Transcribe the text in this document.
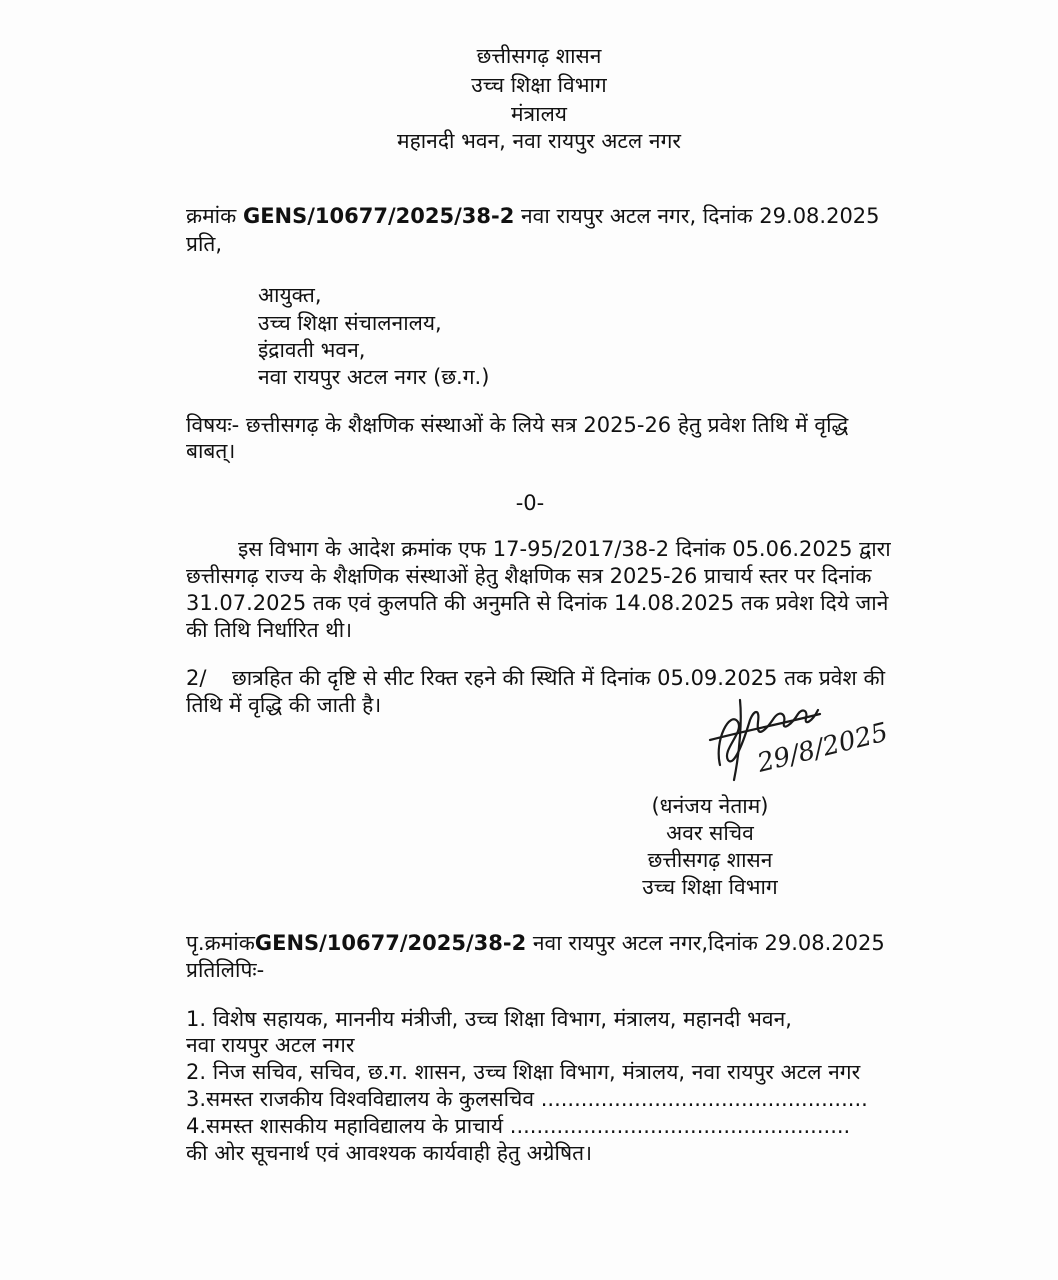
छत्तीसगढ़ शासन
उच्च शिक्षा विभाग
मंत्रालय
महानदी भवन, नवा रायपुर अटल नगर
क्रमांक GENS/10677/2025/38-2 नवा रायपुर अटल नगर, दिनांक 29.08.2025
प्रति,
आयुक्त,
उच्च शिक्षा संचालनालय,
इंद्रावती भवन,
नवा रायपुर अटल नगर (छ.ग.)
विषयः- छत्तीसगढ़ के शैक्षणिक संस्थाओं के लिये सत्र 2025-26 हेतु प्रवेश तिथि में वृद्धि
बाबत्।
-0-
इस विभाग के आदेश क्रमांक एफ 17-95/2017/38-2 दिनांक 05.06.2025 द्वारा
छत्तीसगढ़ राज्य के शैक्षणिक संस्थाओं हेतु शैक्षणिक सत्र 2025-26 प्राचार्य स्तर पर दिनांक
31.07.2025 तक एवं कुलपति की अनुमति से दिनांक 14.08.2025 तक प्रवेश दिये जाने
की तिथि निर्धारित थी।
2/ छात्रहित की दृष्टि से सीट रिक्त रहने की स्थिति में दिनांक 05.09.2025 तक प्रवेश की
तिथि में वृद्धि की जाती है।
29/8/2025
(धनंजय नेताम)
अवर सचिव
छत्तीसगढ़ शासन
उच्च शिक्षा विभाग
पृ.क्रमांकGENS/10677/2025/38-2 नवा रायपुर अटल नगर,दिनांक 29.08.2025
प्रतिलिपिः-
1. विशेष सहायक, माननीय मंत्रीजी, उच्च शिक्षा विभाग, मंत्रालय, महानदी भवन,
नवा रायपुर अटल नगर
2. निज सचिव, सचिव, छ.ग. शासन, उच्च शिक्षा विभाग, मंत्रालय, नवा रायपुर अटल नगर
3.समस्त राजकीय विश्वविद्यालय के कुलसचिव .................................................
4.समस्त शासकीय महाविद्यालय के प्राचार्य ...................................................
की ओर सूचनार्थ एवं आवश्यक कार्यवाही हेतु अग्रेषित।
